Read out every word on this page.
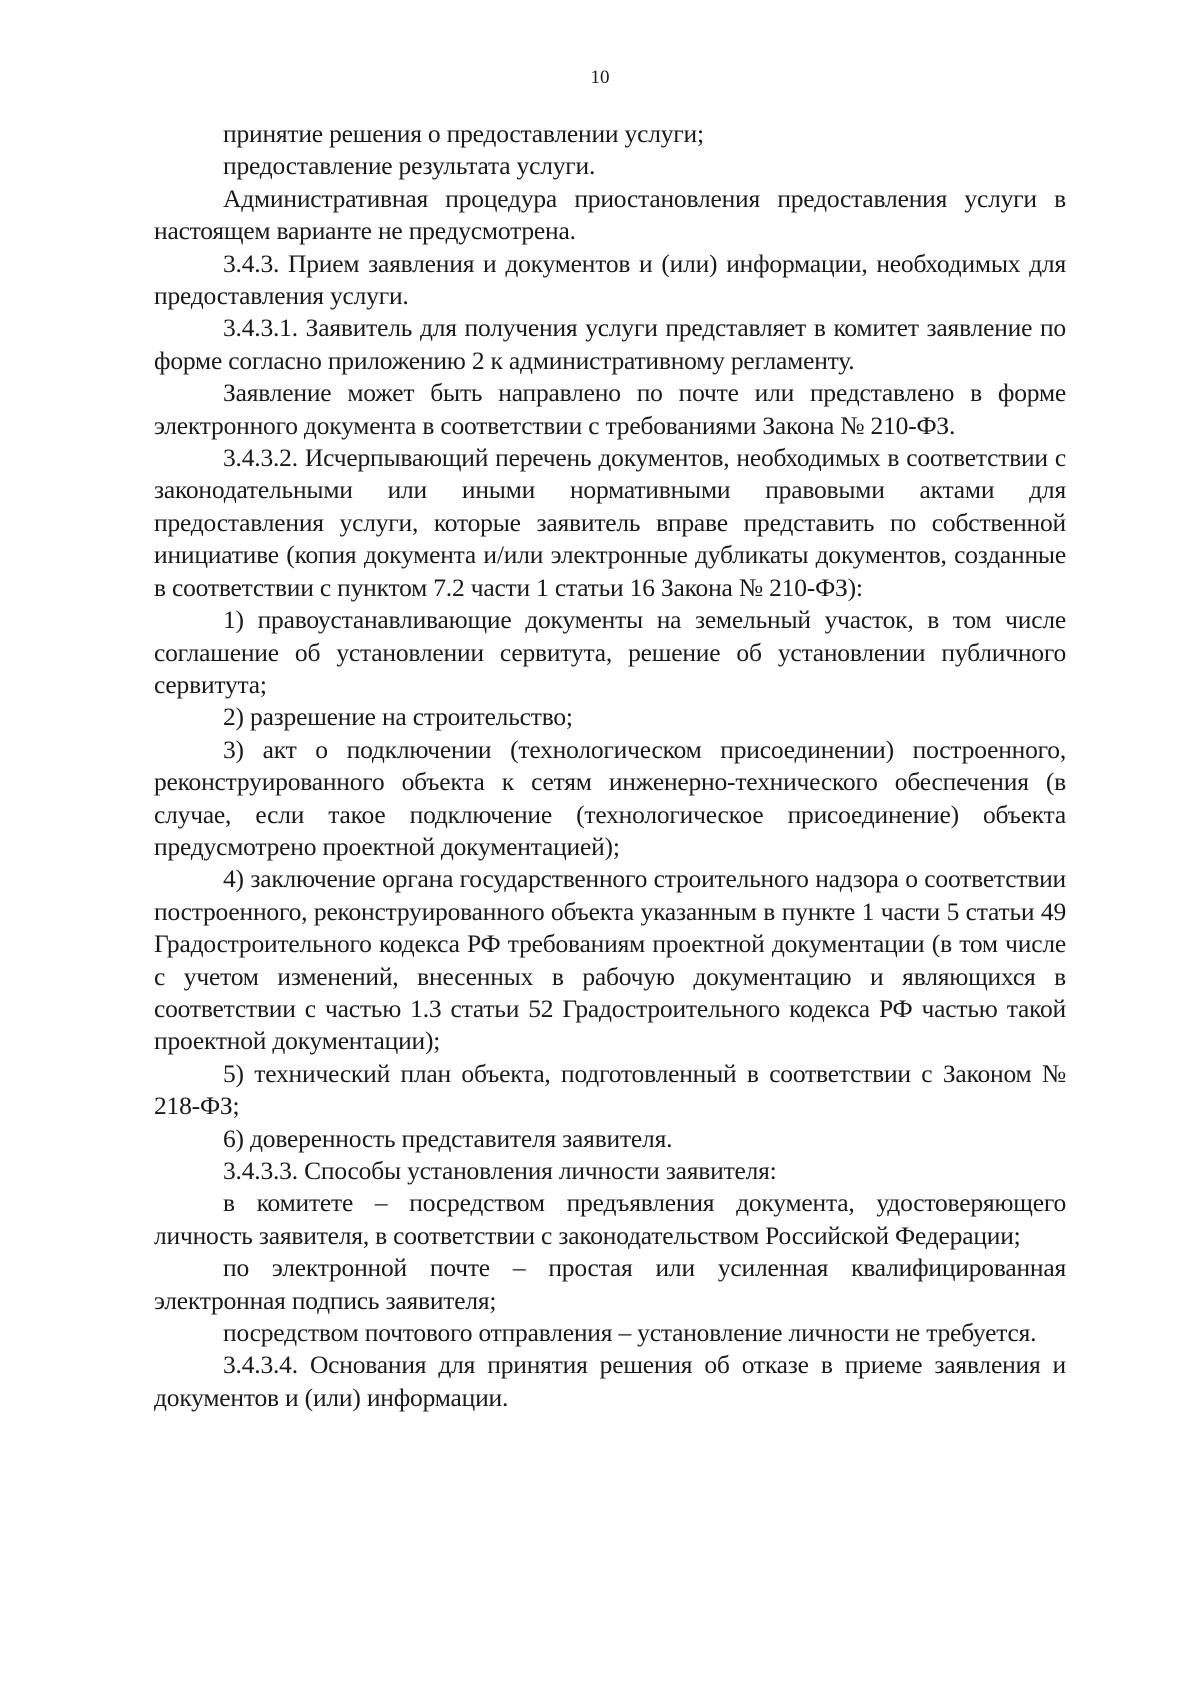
10

принятие решения о предоставлении услуги;

предоставление результата услуги.

Административная процедура приостановления предоставления услуги в настоящем варианте не предусмотрена.

3.4.3. Прием заявления и документов и (или) информации, необходимых для предоставления услуги.

3.4.3.1. Заявитель для получения услуги представляет в комитет заявление по форме согласно приложению 2 к административному регламенту.

Заявление может быть направлено по почте или представлено в форме электронного документа в соответствии с требованиями Закона № 210-ФЗ.

3.4.3.2. Исчерпывающий перечень документов, необходимых в соответствии с законодательными или иными нормативными правовыми актами для предоставления услуги, которые заявитель вправе представить по собственной инициативе (копия документа и/или электронные дубликаты документов, созданные в соответствии с пунктом 7.2 части 1 статьи 16 Закона № 210-ФЗ):

1) правоустанавливающие документы на земельный участок, в том числе соглашение об установлении сервитута, решение об установлении публичного сервитута;

2) разрешение на строительство;

3) акт о подключении (технологическом присоединении) построенного, реконструированного объекта к сетям инженерно-технического обеспечения (в случае, если такое подключение (технологическое присоединение) объекта предусмотрено проектной документацией);

4) заключение органа государственного строительного надзора о соответствии построенного, реконструированного объекта указанным в пункте 1 части 5 статьи 49 Градостроительного кодекса РФ требованиям проектной документации (в том числе с учетом изменений, внесенных в рабочую документацию и являющихся в соответствии с частью 1.3 статьи 52 Градостроительного кодекса РФ частью такой проектной документации);

5) технический план объекта, подготовленный в соответствии с Законом № 218-ФЗ;

6) доверенность представителя заявителя.

3.4.3.3. Способы установления личности заявителя:

в комитете – посредством предъявления документа, удостоверяющего личность заявителя, в соответствии с законодательством Российской Федерации;

по электронной почте – простая или усиленная квалифицированная электронная подпись заявителя;

посредством почтового отправления – установление личности не требуется.

3.4.3.4. Основания для принятия решения об отказе в приеме заявления и документов и (или) информации.
